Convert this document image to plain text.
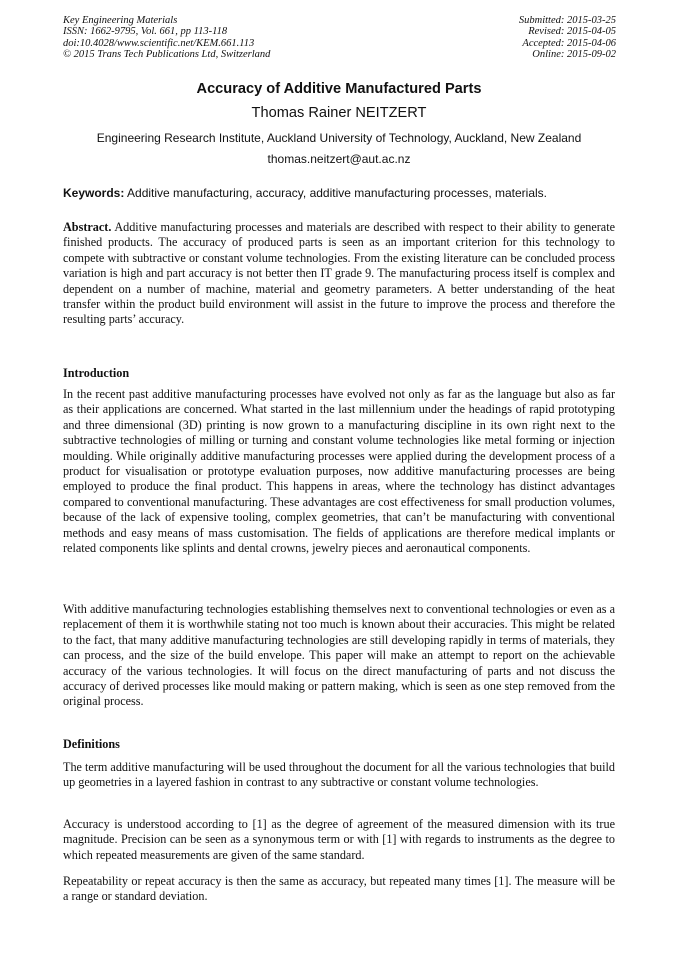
Key Engineering Materials
ISSN: 1662-9795, Vol. 661, pp 113-118
doi:10.4028/www.scientific.net/KEM.661.113
© 2015 Trans Tech Publications Ltd, Switzerland
Submitted: 2015-03-25
Revised: 2015-04-05
Accepted: 2015-04-06
Online: 2015-09-02
Accuracy of Additive Manufactured Parts
Thomas Rainer NEITZERT
Engineering Research Institute, Auckland University of Technology, Auckland, New Zealand
thomas.neitzert@aut.ac.nz
Keywords: Additive manufacturing, accuracy, additive manufacturing processes, materials.
Abstract. Additive manufacturing processes and materials are described with respect to their ability to generate finished products. The accuracy of produced parts is seen as an important criterion for this technology to compete with subtractive or constant volume technologies. From the existing literature can be concluded process variation is high and part accuracy is not better then IT grade 9. The manufacturing process itself is complex and dependent on a number of machine, material and geometry parameters. A better understanding of the heat transfer within the product build environment will assist in the future to improve the process and therefore the resulting parts’ accuracy.
Introduction
In the recent past additive manufacturing processes have evolved not only as far as the language but also as far as their applications are concerned. What started in the last millennium under the headings of rapid prototyping and three dimensional (3D) printing is now grown to a manufacturing discipline in its own right next to the subtractive technologies of milling or turning and constant volume technologies like metal forming or injection moulding. While originally additive manufacturing processes were applied during the development process of a product for visualisation or prototype evaluation purposes, now additive manufacturing processes are being employed to produce the final product. This happens in areas, where the technology has distinct advantages compared to conventional manufacturing. These advantages are cost effectiveness for small production volumes, because of the lack of expensive tooling, complex geometries, that can’t be manufacturing with conventional methods and easy means of mass customisation. The fields of applications are therefore medical implants or related components like splints and dental crowns, jewelry pieces and aeronautical components.
With additive manufacturing technologies establishing themselves next to conventional technologies or even as a replacement of them it is worthwhile stating not too much is known about their accuracies. This might be related to the fact, that many additive manufacturing technologies are still developing rapidly in terms of materials, they can process, and the size of the build envelope. This paper will make an attempt to report on the achievable accuracy of the various technologies. It will focus on the direct manufacturing of parts and not discuss the accuracy of derived processes like mould making or pattern making, which is seen as one step removed from the original process.
Definitions
The term additive manufacturing will be used throughout the document for all the various technologies that build up geometries in a layered fashion in contrast to any subtractive or constant volume technologies.
Accuracy is understood according to [1] as the degree of agreement of the measured dimension with its true magnitude. Precision can be seen as a synonymous term or with [1] with regards to instruments as the degree to which repeated measurements are given of the same standard.
Repeatability or repeat accuracy is then the same as accuracy, but repeated many times [1]. The measure will be a range or standard deviation.
